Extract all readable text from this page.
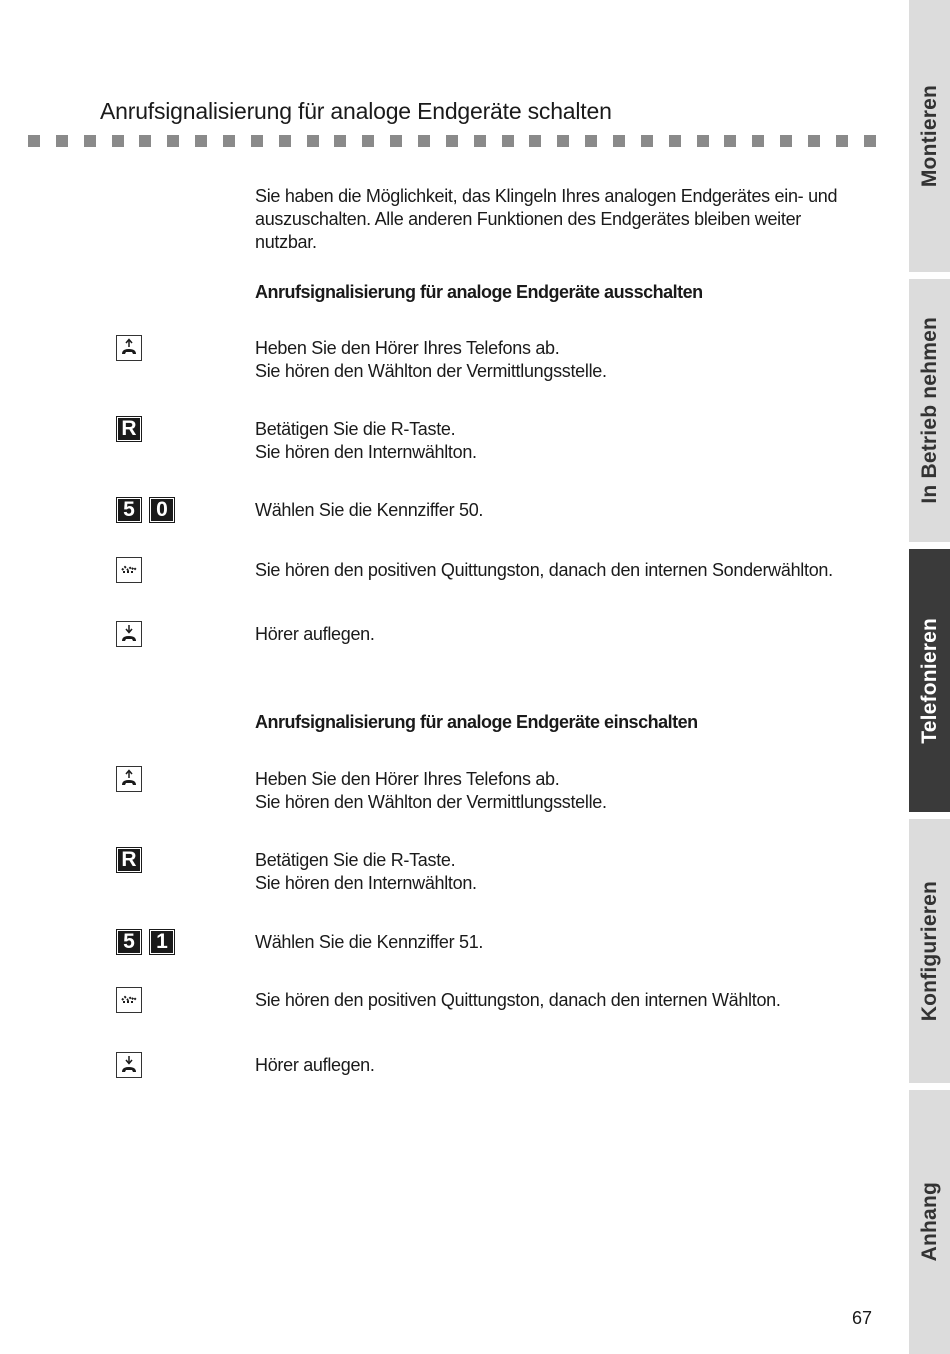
Anrufsignalisierung für analoge Endgeräte schalten
Sie haben die Möglichkeit, das Klingeln Ihres analogen Endgerätes ein- und
auszuschalten. Alle anderen Funktionen des Endgerätes bleiben weiter
nutzbar.
Anrufsignalisierung für analoge Endgeräte ausschalten
Heben Sie den Hörer Ihres Telefons ab.
Sie hören den Wählton der Vermittlungsstelle.
R	Betätigen Sie die R-Taste.
Sie hören den Internwählton.
5	0	Wählen Sie die Kennziffer 50.
Sie hören den positiven Quittungston, danach den internen Sonderwählton.
Hörer auflegen.
Anrufsignalisierung für analoge Endgeräte einschalten
Heben Sie den Hörer Ihres Telefons ab.
Sie hören den Wählton der Vermittlungsstelle.
R	Betätigen Sie die R-Taste.
Sie hören den Internwählton.
5	1	Wählen Sie die Kennziffer 51.
Sie hören den positiven Quittungston, danach den internen Wählton.
Hörer auflegen.
Montieren
In Betrieb nehmen
Telefonieren
Konfigurieren
Anhang
67
